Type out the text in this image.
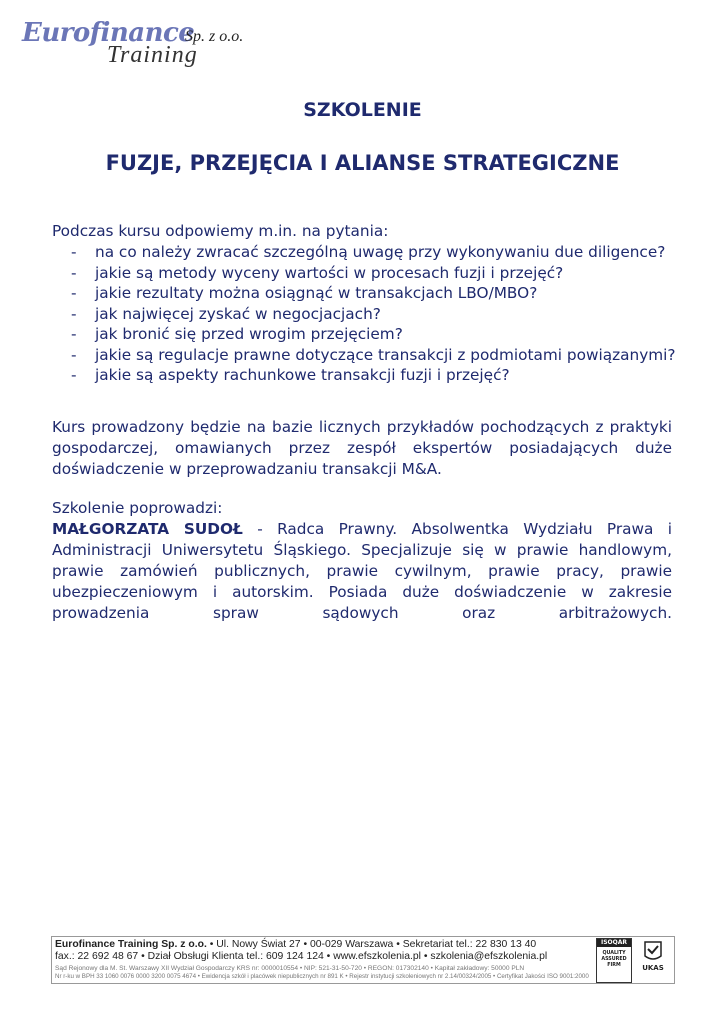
Eurofinance
Sp. z o.o.
Training
SZKOLENIE
FUZJE, PRZEJĘCIA I ALIANSE STRATEGICZNE
Podczas kursu odpowiemy m.in. na pytania:
- na co należy zwracać szczególną uwagę przy wykonywaniu due diligence?
- jakie są metody wyceny wartości w procesach fuzji i przejęć?
- jakie rezultaty można osiągnąć w transakcjach LBO/MBO?
- jak najwięcej zyskać w negocjacjach?
- jak bronić się przed wrogim przejęciem?
- jakie są regulacje prawne dotyczące transakcji z podmiotami powiązanymi?
- jakie są aspekty rachunkowe transakcji fuzji i przejęć?
Kurs prowadzony będzie na bazie licznych przykładów pochodzących z praktyki gospodarczej, omawianych przez zespół ekspertów posiadających duże doświadczenie w przeprowadzaniu transakcji M&A.
Szkolenie poprowadzi:
MAŁGORZATA SUDOŁ - Radca Prawny. Absolwentka Wydziału Prawa i Administracji Uniwersytetu Śląskiego. Specjalizuje się w prawie handlowym, prawie zamówień publicznych, prawie cywilnym, prawie pracy, prawie ubezpieczeniowym i autorskim. Posiada duże doświadczenie w zakresie prowadzenia spraw sądowych oraz arbitrażowych.
Eurofinance Training Sp. z o.o. • Ul. Nowy Świat 27 • 00-029 Warszawa • Sekretariat tel.: 22 830 13 40
fax.: 22 692 48 67 • Dział Obsługi Klienta tel.: 609 124 124 • www.efszkolenia.pl • szkolenia@efszkolenia.pl
Sąd Rejonowy dla M. St. Warszawy XII Wydział Gospodarczy KRS nr: 0000010554 • NIP: 521-31-50-720 • REGON: 017302140 • Kapitał zakładowy: 50000 PLN
Nr r-ku w BPH 33 1060 0076 0000 3200 0075 4674 • Ewidencja szkół i placówek niepublicznych nr 891 K • Rejestr instytucji szkoleniowych nr 2.14/00324/2005 • Certyfikat Jakości ISO 9001:2000
ISOQAR
QUALITY ASSURED FIRM	UKAS
